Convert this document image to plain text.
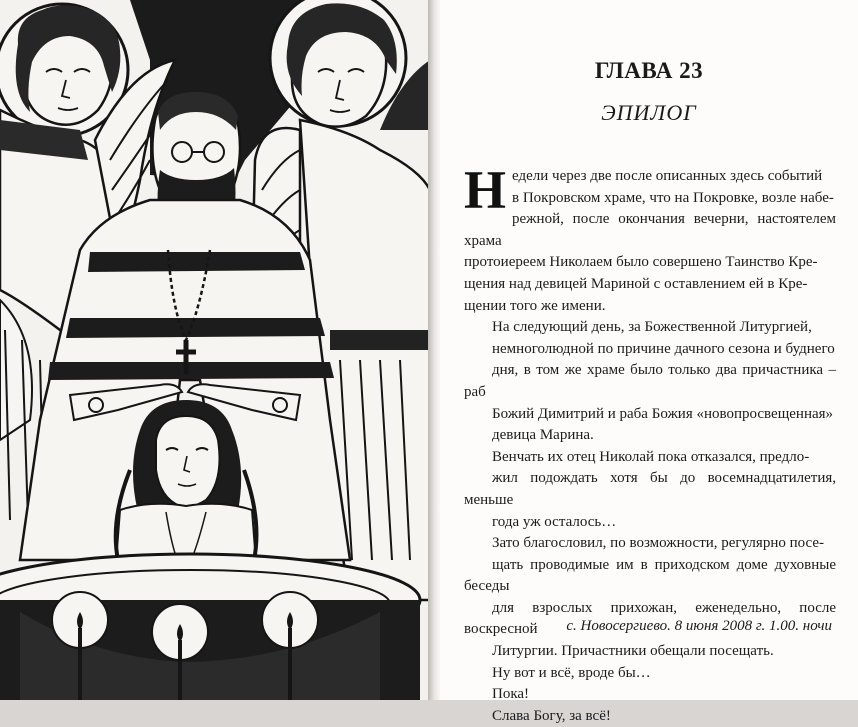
ГЛАВА 23
ЭПИЛОГ

Н едели через две после описанных здесь событий
в Покровском храме, что на Покровке, возле набе-
режной, после окончания вечерни, настоятелем храма
протоиереем Николаем было совершено Таинство Кре-
щения над девицей Мариной с оставлением ей в Кре-
щении того же имени.

На следующий день, за Божественной Литургией,
немноголюдной по причине дачного сезона и буднего
дня, в том же храме было только два причастника – раб
Божий Димитрий и раба Божия «новопросвещенная»
девица Марина.

Венчать их отец Николай пока отказался, предло-
жил подождать хотя бы до восемнадцатилетия, меньше
года уж осталось…

Зато благословил, по возможности, регулярно посе-
щать проводимые им в приходском доме духовные беседы
для взрослых прихожан, еженедельно, после воскресной
Литургии. Причастники обещали посещать.

Ну вот и всё, вроде бы…

Пока!

Слава Богу, за всё!

с. Новосергиево. 8 июня 2008 г. 1.00. ночи
